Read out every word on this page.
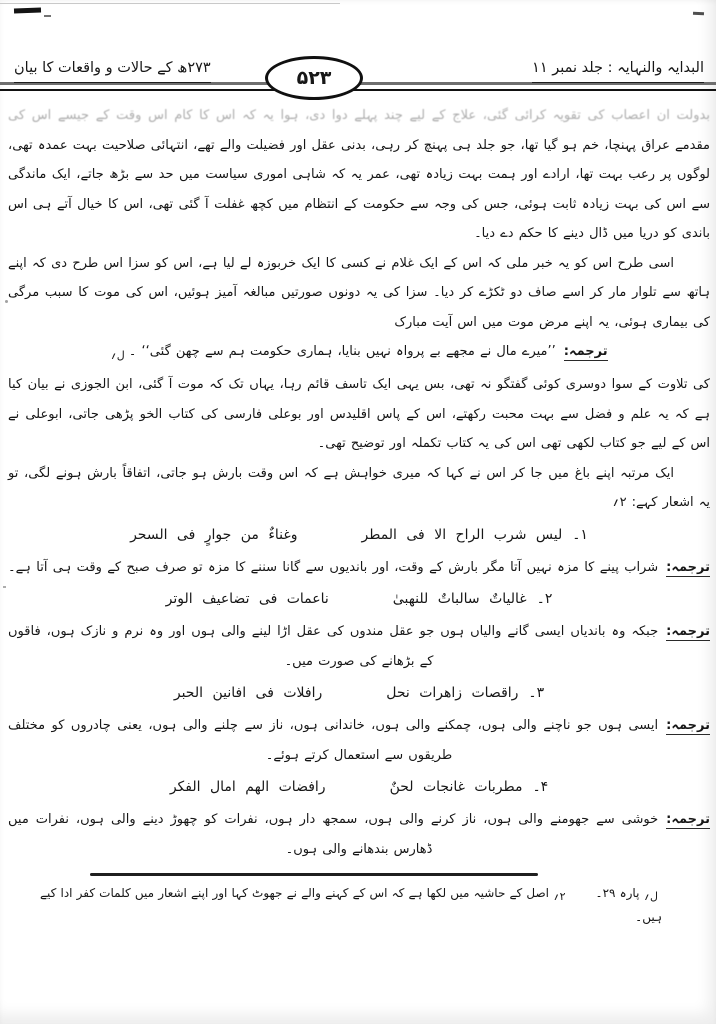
البدایہ والنہایہ : جلد نمبر ۱۱
۲۷۳ھ کے حالات و واقعات کا بیان	۵۲۳

بدولت ان اعصاب کی تقویہ کرائی گئی، علاج کے لیے چند پہلے دوا دی، ہوا یہ کہ اس کا کام اس وقت کے جیسے اس کی مقدمے عراق پہنچا، خم ہو گیا تھا، جو جلد ہی پہنچ کر رہی، بدنی عقل اور فضیلت والے تھے، انتہائی صلاحیت بہت عمدہ تھی، لوگوں پر رعب بہت تھا، ارادے اور ہمت بہت زیادہ تھی، عمر یہ کہ شاہی اموری سیاست میں حد سے بڑھ جاتے، ایک ماندگی سے اس کی بہت زیادہ ثابت ہوئی، جس کی وجہ سے حکومت کے انتظام میں کچھ غفلت آ گئی تھی، اس کا خیال آتے ہی اس باندی کو دریا میں ڈال دینے کا حکم دے دیا۔

اسی طرح اس کو یہ خبر ملی کہ اس کے ایک غلام نے کسی کا ایک خربوزہ لے لیا ہے، اس کو سزا اس طرح دی کہ اپنے ہاتھ سے تلوار مار کر اسے صاف دو ٹکڑے کر دیا۔ سزا کی یہ دونوں صورتیں مبالغہ آمیز ہوئیں، اس کی موت کا سبب مرگی کی بیماری ہوئی، یہ اپنے مرض موت میں اس آیت مبارک

ترجمہ:’’میرے مال نے مجھے بے پرواہ نہیں بنایا، ہماری حکومت ہم سے چھن گئی‘‘ $۔_{ل؍}$

کی تلاوت کے سوا دوسری کوئی گفتگو نہ تھی، بس یہی ایک تاسف قائم رہا، یہاں تک کہ موت آ گئی، ابن الجوزی نے بیان کیا ہے کہ یہ علم و فضل سے بہت محبت رکھتے، اس کے پاس اقلیدس اور بوعلی فارسی کی کتاب الخو پڑھی جاتی، ابوعلی نے اس کے لیے جو کتاب لکھی تھی اس کی یہ کتاب تکملہ اور توضیح تھی۔

ایک مرتبہ اپنے باغ میں جا کر اس نے کہا کہ میری خواہش ہے کہ اس وقت بارش ہو جاتی، اتفاقاً بارش ہونے لگی، تو یہ اشعار کہے: ۲؍

۱۔
لیس شرب الراح الا فی المطر
وغناءٌ من جوارٍ فی السحر

ترجمہ:شراب پینے کا مزہ نہیں آتا مگر بارش کے وقت، اور باندیوں سے گانا سننے کا مزہ تو صرف صبح کے وقت ہی آتا ہے۔

۲۔
غالیاتٌ سالباتٌ للنهبیٰ
ناعمات فی تضاعیف الوتر

ترجمہ:جبکہ وہ باندیاں ایسی گانے والیاں ہوں جو عقل مندوں کی عقل اڑا لینے والی ہوں اور وہ نرم و نازک ہوں، فاقوں کے بڑھانے کی صورت میں۔

۳۔
راقصات زاهرات نحل
رافلات فی افانین الحبر

ترجمہ:ایسی ہوں جو ناچنے والی ہوں، چمکنے والی ہوں، خاندانی ہوں، ناز سے چلنے والی ہوں، یعنی چادروں کو مختلف طریقوں سے استعمال کرتے ہوئے۔

۴۔
مطربات غانجات لحنٌ
رافضات الهم امال الفکر

ترجمہ:خوشی سے جھومنے والی ہوں، ناز کرنے والی ہوں، سمجھ دار ہوں، نفرات کو چھوڑ دینے والی ہوں، نفرات میں ڈھارس بندھانے والی ہوں۔

ل؍ پارہ ۲۹۔۲؍ اصل کے حاشیہ میں لکھا ہے کہ اس کے کہنے والے نے جھوٹ کہا اور اپنے اشعار میں کلمات کفر ادا کیے ہیں۔
